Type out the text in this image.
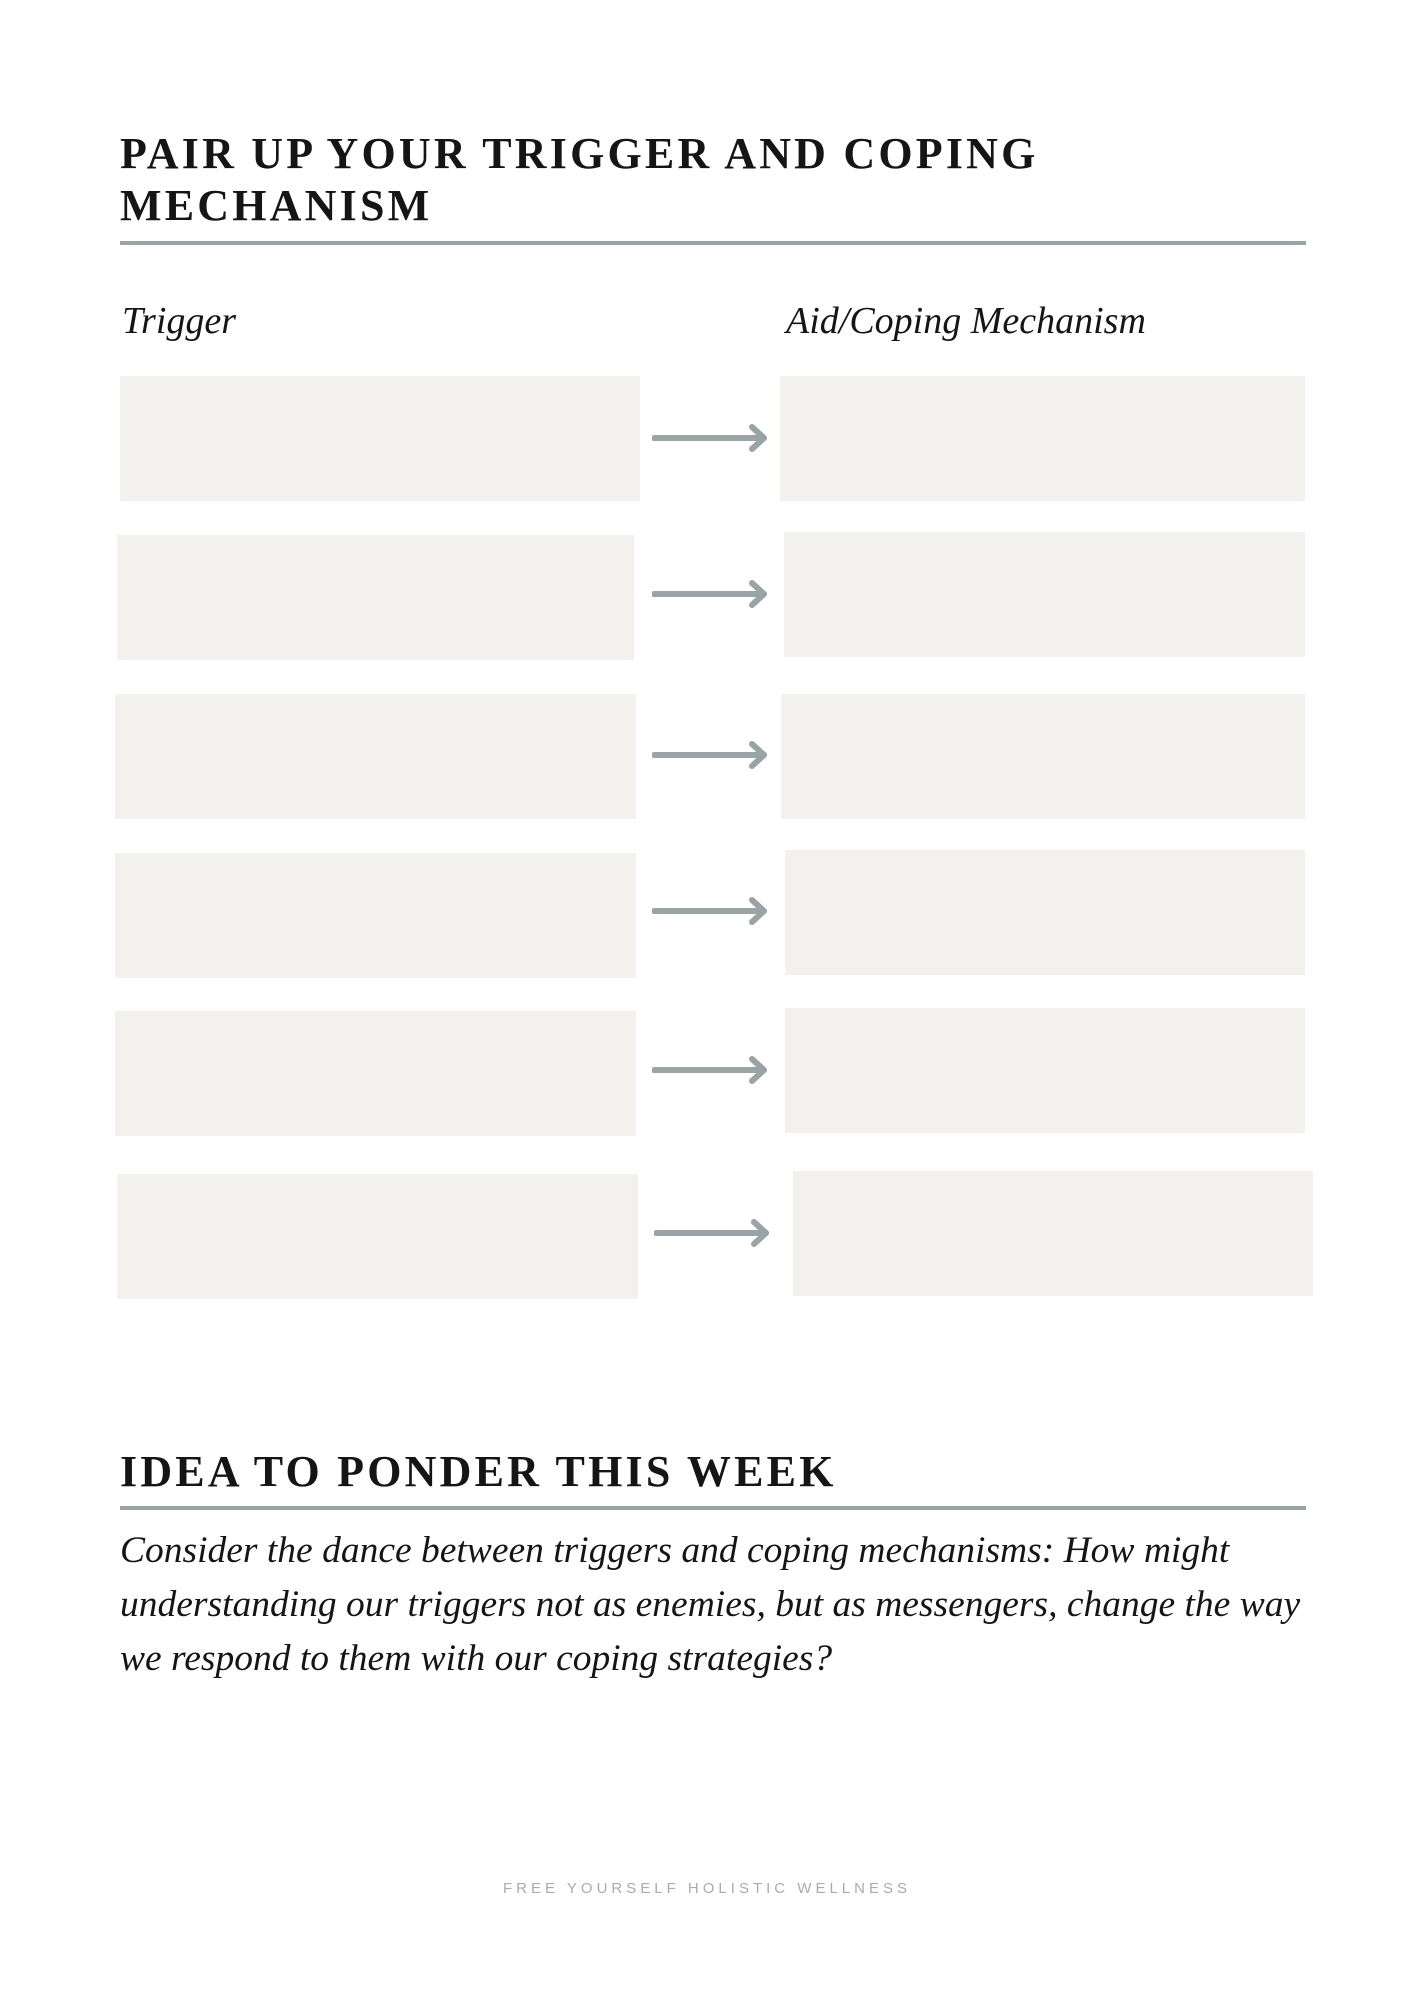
PAIR UP YOUR TRIGGER AND COPING MECHANISM

Trigger	Aid/Coping Mechanism

IDEA TO PONDER THIS WEEK

Consider the dance between triggers and coping mechanisms: How might understanding our triggers not as enemies, but as messengers, change the way we respond to them with our coping strategies?

FREE YOURSELF HOLISTIC WELLNESS
